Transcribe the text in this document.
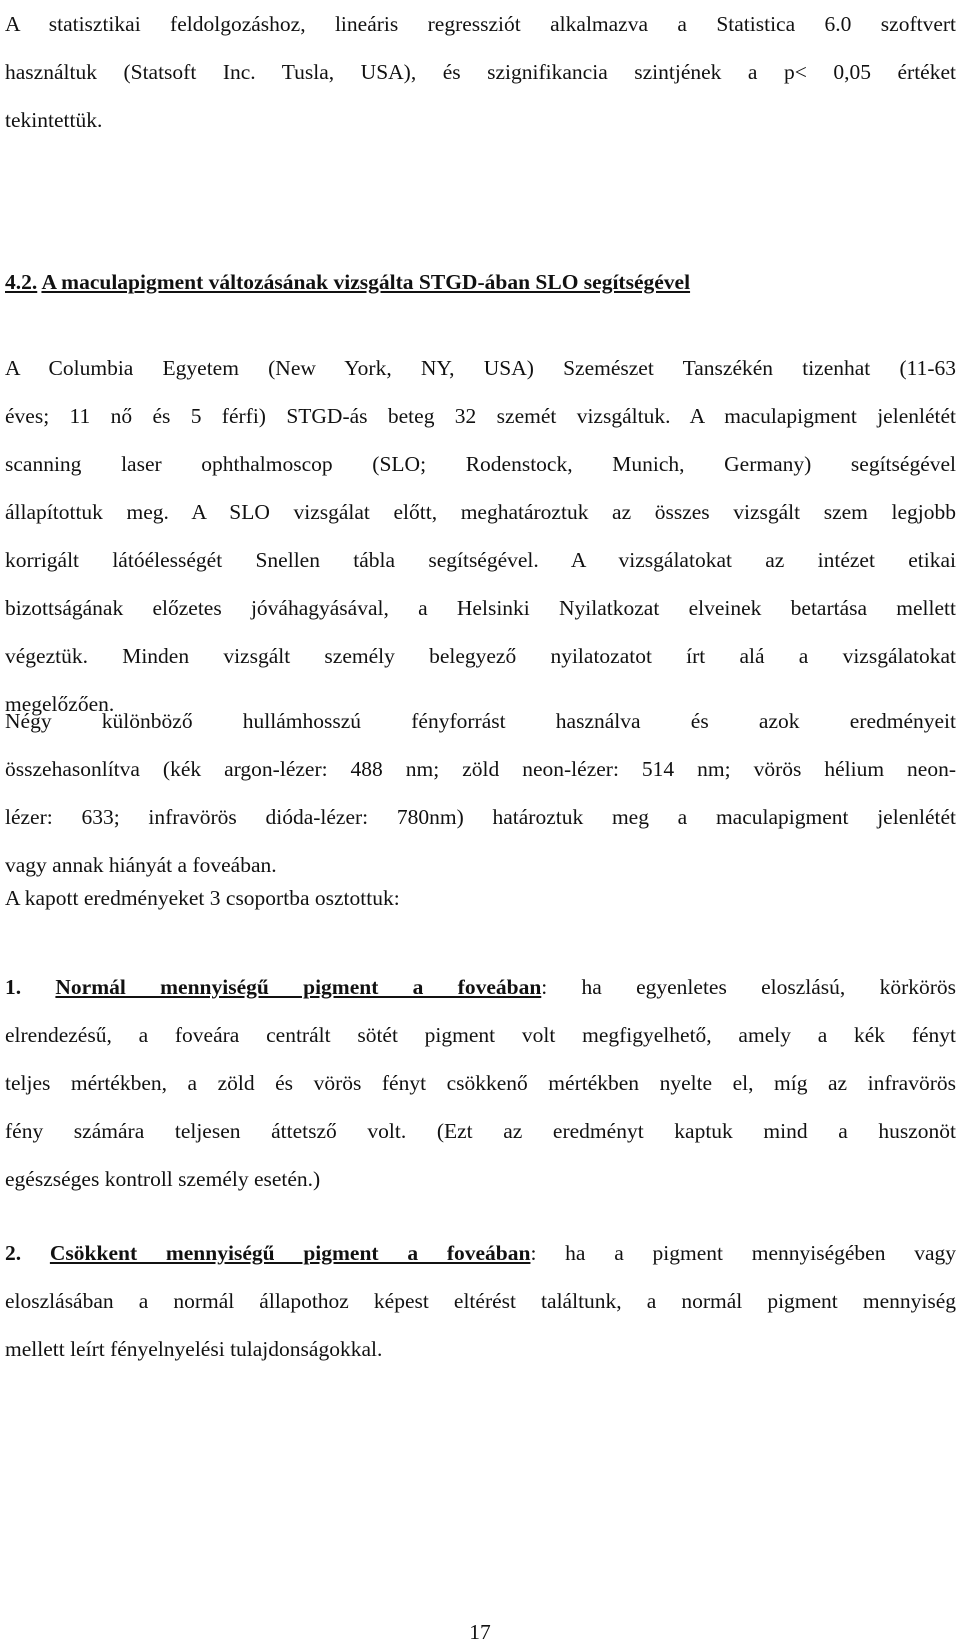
A statisztikai feldolgozáshoz, lineáris regressziót alkalmazva a Statistica 6.0 szoftvert
használtuk (Statsoft Inc. Tusla, USA), és szignifikancia szintjének a p< 0,05 értéket
tekintettük.
4.2. A maculapigment változásának vizsgálta STGD-ában SLO segítségével
A Columbia Egyetem (New York, NY, USA) Szemészet Tanszékén tizenhat (11-63
éves; 11 nő és 5 férfi) STGD-ás beteg 32 szemét vizsgáltuk. A maculapigment jelenlétét
scanning laser ophthalmoscop (SLO; Rodenstock, Munich, Germany) segítségével
állapítottuk meg. A SLO vizsgálat előtt, meghatároztuk az összes vizsgált szem legjobb
korrigált látóélességét Snellen tábla segítségével. A vizsgálatokat az intézet etikai
bizottságának előzetes jóváhagyásával, a Helsinki Nyilatkozat elveinek betartása mellett
végeztük. Minden vizsgált személy belegyező nyilatozatot írt alá a vizsgálatokat
megelőzően.
Négy különböző hullámhosszú fényforrást használva és azok eredményeit
összehasonlítva (kék argon-lézer: 488 nm; zöld neon-lézer: 514 nm; vörös hélium neon-
lézer: 633; infravörös dióda-lézer: 780nm) határoztuk meg a maculapigment jelenlétét
vagy annak hiányát a foveában.
A kapott eredményeket 3 csoportba osztottuk:
1. Normál mennyiségű pigment a foveában: ha egyenletes eloszlású, körkörös
elrendezésű, a foveára centrált sötét pigment volt megfigyelhető, amely a kék fényt
teljes mértékben, a zöld és vörös fényt csökkenő mértékben nyelte el, míg az infravörös
fény számára teljesen áttetsző volt. (Ezt az eredményt kaptuk mind a huszonöt
egészséges kontroll személy esetén.)
2. Csökkent mennyiségű pigment a foveában: ha a pigment mennyiségében vagy
eloszlásában a normál állapothoz képest eltérést találtunk, a normál pigment mennyiség
mellett leírt fényelnyelési tulajdonságokkal.
17
